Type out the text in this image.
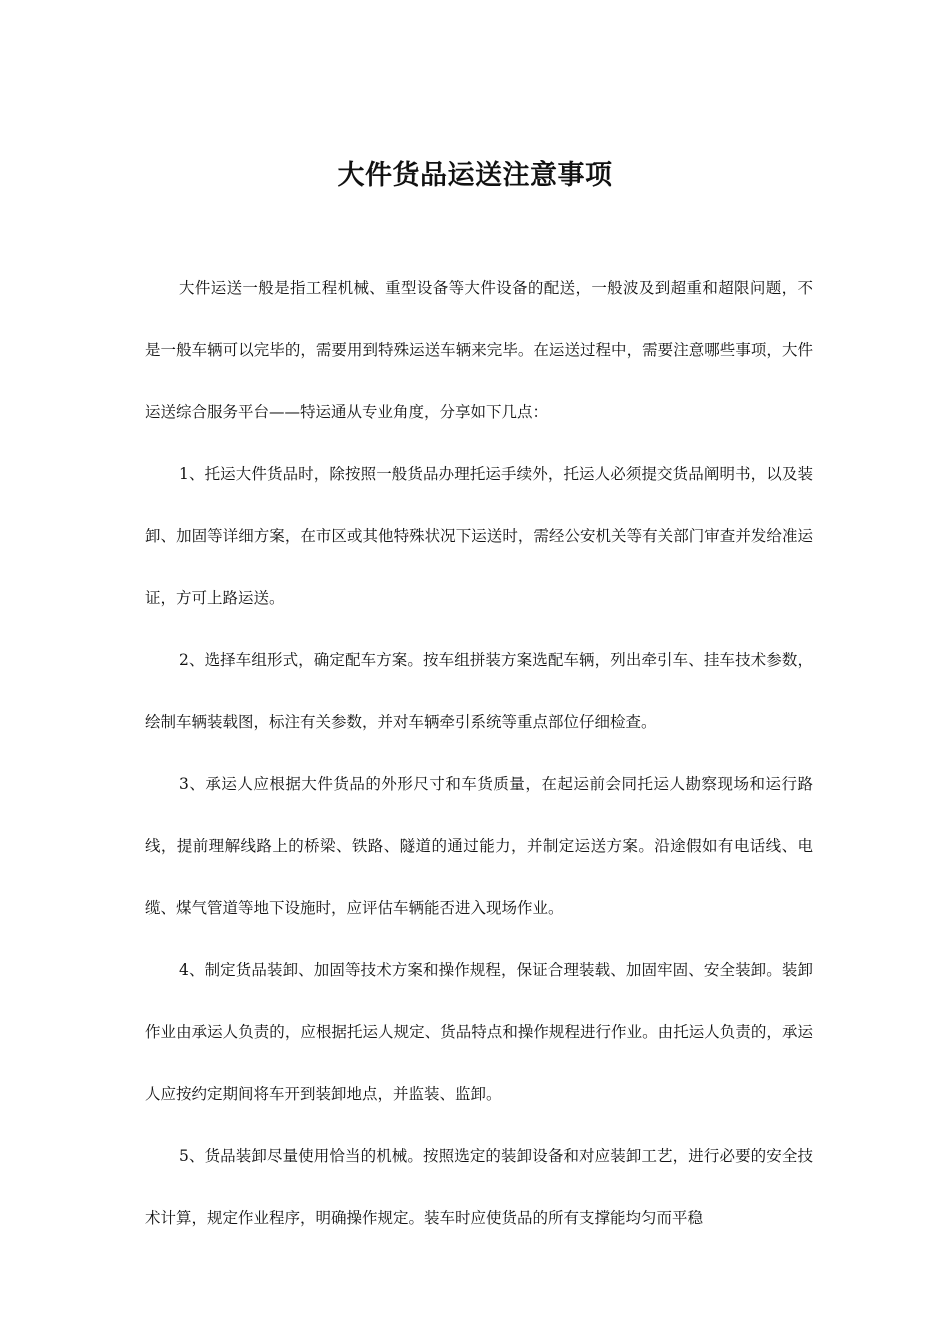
大件货品运送注意事项

大件运送一般是指工程机械、重型设备等大件设备的配送，一般波及到超重和超限问题，不是一般车辆可以完毕的，需要用到特殊运送车辆来完毕。在运送过程中，需要注意哪些事项，大件运送综合服务平台——特运通从专业角度，分享如下几点：

1、托运大件货品时，除按照一般货品办理托运手续外，托运人必须提交货品阐明书，以及装卸、加固等详细方案，在市区或其他特殊状况下运送时，需经公安机关等有关部门审查并发给准运证，方可上路运送。

2、选择车组形式，确定配车方案。按车组拼装方案选配车辆，列出牵引车、挂车技术参数，绘制车辆装载图，标注有关参数，并对车辆牵引系统等重点部位仔细检查。

3、承运人应根据大件货品的外形尺寸和车货质量，在起运前会同托运人勘察现场和运行路线，提前理解线路上的桥梁、铁路、隧道的通过能力，并制定运送方案。沿途假如有电话线、电缆、煤气管道等地下设施时，应评估车辆能否进入现场作业。

4、制定货品装卸、加固等技术方案和操作规程，保证合理装载、加固牢固、安全装卸。装卸作业由承运人负责的，应根据托运人规定、货品特点和操作规程进行作业。由托运人负责的，承运人应按约定期间将车开到装卸地点，并监装、监卸。

5、货品装卸尽量使用恰当的机械。按照选定的装卸设备和对应装卸工艺，进行必要的安全技术计算，规定作业程序，明确操作规定。装车时应使货品的所有支撑能均匀而平稳
